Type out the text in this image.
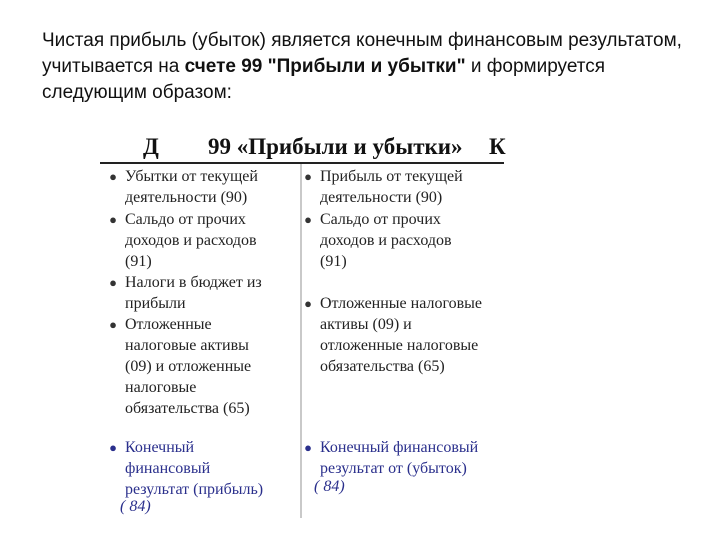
Чистая прибыль (убыток) является конечным финансовым результатом, учитывается на счете 99 "Прибыли и убытки" и формируется следующим образом:
Д 99 «Прибыли и убытки» К
● Убытки от текущей
деятельности (90)
● Сальдо от прочих
доходов и расходов
(91)
● Налоги в бюджет из
прибыли
● Отложенные
налоговые активы
(09) и отложенные
налоговые
обязательства (65)
● Конечный
финансовый
результат (прибыль)
( 84)
● Прибыль от текущей
деятельности (90)
● Сальдо от прочих
доходов и расходов
(91)
● Отложенные налоговые
активы (09) и
отложенные налоговые
обязательства (65)
● Конечный финансовый
результат от (убыток)
( 84)
